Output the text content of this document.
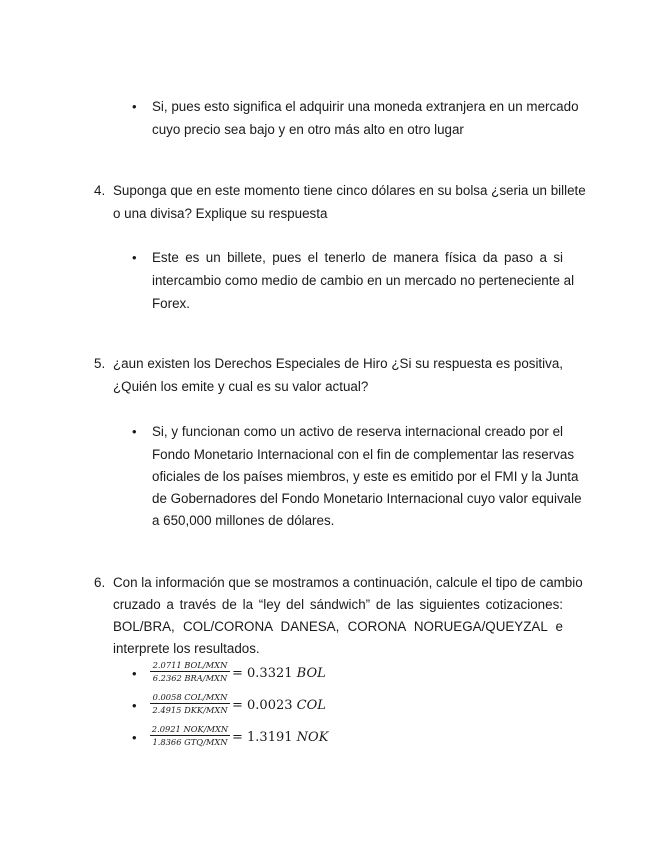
• Si, pues esto significa el adquirir una moneda extranjera en un mercado
cuyo precio sea bajo y en otro más alto en otro lugar
4. Suponga que en este momento tiene cinco dólares en su bolsa ¿seria un billete
o una divisa? Explique su respuesta
• Este es un billete, pues el tenerlo de manera física da paso a si
intercambio como medio de cambio en un mercado no perteneciente al
Forex.
5. ¿aun existen los Derechos Especiales de Hiro ¿Si su respuesta es positiva,
¿Quién los emite y cual es su valor actual?
• Si, y funcionan como un activo de reserva internacional creado por el
Fondo Monetario Internacional con el fin de complementar las reservas
oficiales de los países miembros, y este es emitido por el FMI y la Junta
de Gobernadores del Fondo Monetario Internacional cuyo valor equivale
a 650,000 millones de dólares.
6. Con la información que se mostramos a continuación, calcule el tipo de cambio
cruzado a través de la “ley del sándwich” de las siguientes cotizaciones:
BOL/BRA, COL/CORONA DANESA, CORONA NORUEGA/QUEYZAL e
interprete los resultados.
•
2.0711 BOL/MXN
6.2362 BRA/MXN = 0.3321 BOL
•
0.0058 COL/MXN
2.4915 DKK/MXN = 0.0023 COL
•
2.0921 NOK/MXN
1.8366 GTQ/MXN = 1.3191 NOK
